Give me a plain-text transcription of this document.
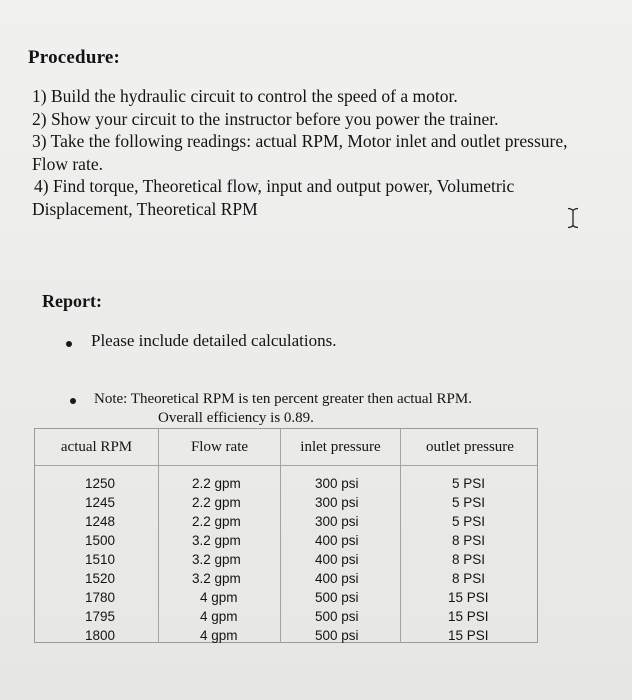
Procedure:

1) Build the hydraulic circuit to control the speed of a motor.

2) Show your circuit to the instructor before you power the trainer.

3) Take the following readings: actual RPM, Motor inlet and outlet pressure,

Flow rate.

4) Find torque, Theoretical flow, input and output power, Volumetric

Displacement, Theoretical RPM

Report:
Please include detailed calculations.
Note: Theoretical RPM is ten percent greater then actual RPM.
Overall efficiency is 0.89.
actual RPM	Flow rate	inlet pressure	outlet pressure
1250	2.2 gpm	300 psi	5 PSI
1245	2.2 gpm	300 psi	5 PSI
1248	2.2 gpm	300 psi	5 PSI
1500	3.2 gpm	400 psi	8 PSI
1510	3.2 gpm	400 psi	8 PSI
1520	3.2 gpm	400 psi	8 PSI
1780	4 gpm	500 psi	15 PSI
1795	4 gpm	500 psi	15 PSI
1800	4 gpm	500 psi	15 PSI
